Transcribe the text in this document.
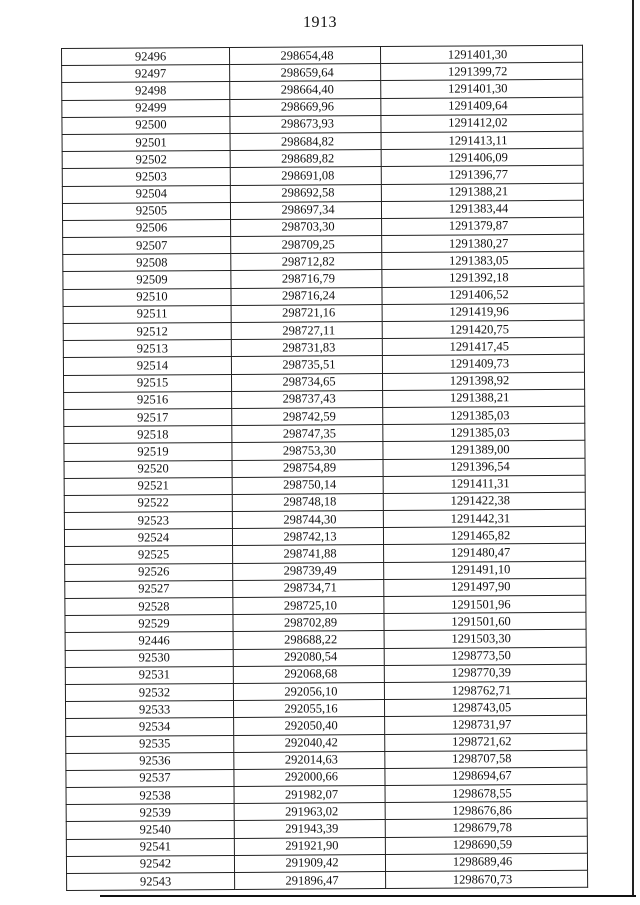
1913
92496	298654,48	1291401,30
92497	298659,64	1291399,72
92498	298664,40	1291401,30
92499	298669,96	1291409,64
92500	298673,93	1291412,02
92501	298684,82	1291413,11
92502	298689,82	1291406,09
92503	298691,08	1291396,77
92504	298692,58	1291388,21
92505	298697,34	1291383,44
92506	298703,30	1291379,87
92507	298709,25	1291380,27
92508	298712,82	1291383,05
92509	298716,79	1291392,18
92510	298716,24	1291406,52
92511	298721,16	1291419,96
92512	298727,11	1291420,75
92513	298731,83	1291417,45
92514	298735,51	1291409,73
92515	298734,65	1291398,92
92516	298737,43	1291388,21
92517	298742,59	1291385,03
92518	298747,35	1291385,03
92519	298753,30	1291389,00
92520	298754,89	1291396,54
92521	298750,14	1291411,31
92522	298748,18	1291422,38
92523	298744,30	1291442,31
92524	298742,13	1291465,82
92525	298741,88	1291480,47
92526	298739,49	1291491,10
92527	298734,71	1291497,90
92528	298725,10	1291501,96
92529	298702,89	1291501,60
92446	298688,22	1291503,30
92530	292080,54	1298773,50
92531	292068,68	1298770,39
92532	292056,10	1298762,71
92533	292055,16	1298743,05
92534	292050,40	1298731,97
92535	292040,42	1298721,62
92536	292014,63	1298707,58
92537	292000,66	1298694,67
92538	291982,07	1298678,55
92539	291963,02	1298676,86
92540	291943,39	1298679,78
92541	291921,90	1298690,59
92542	291909,42	1298689,46
92543	291896,47	1298670,73
